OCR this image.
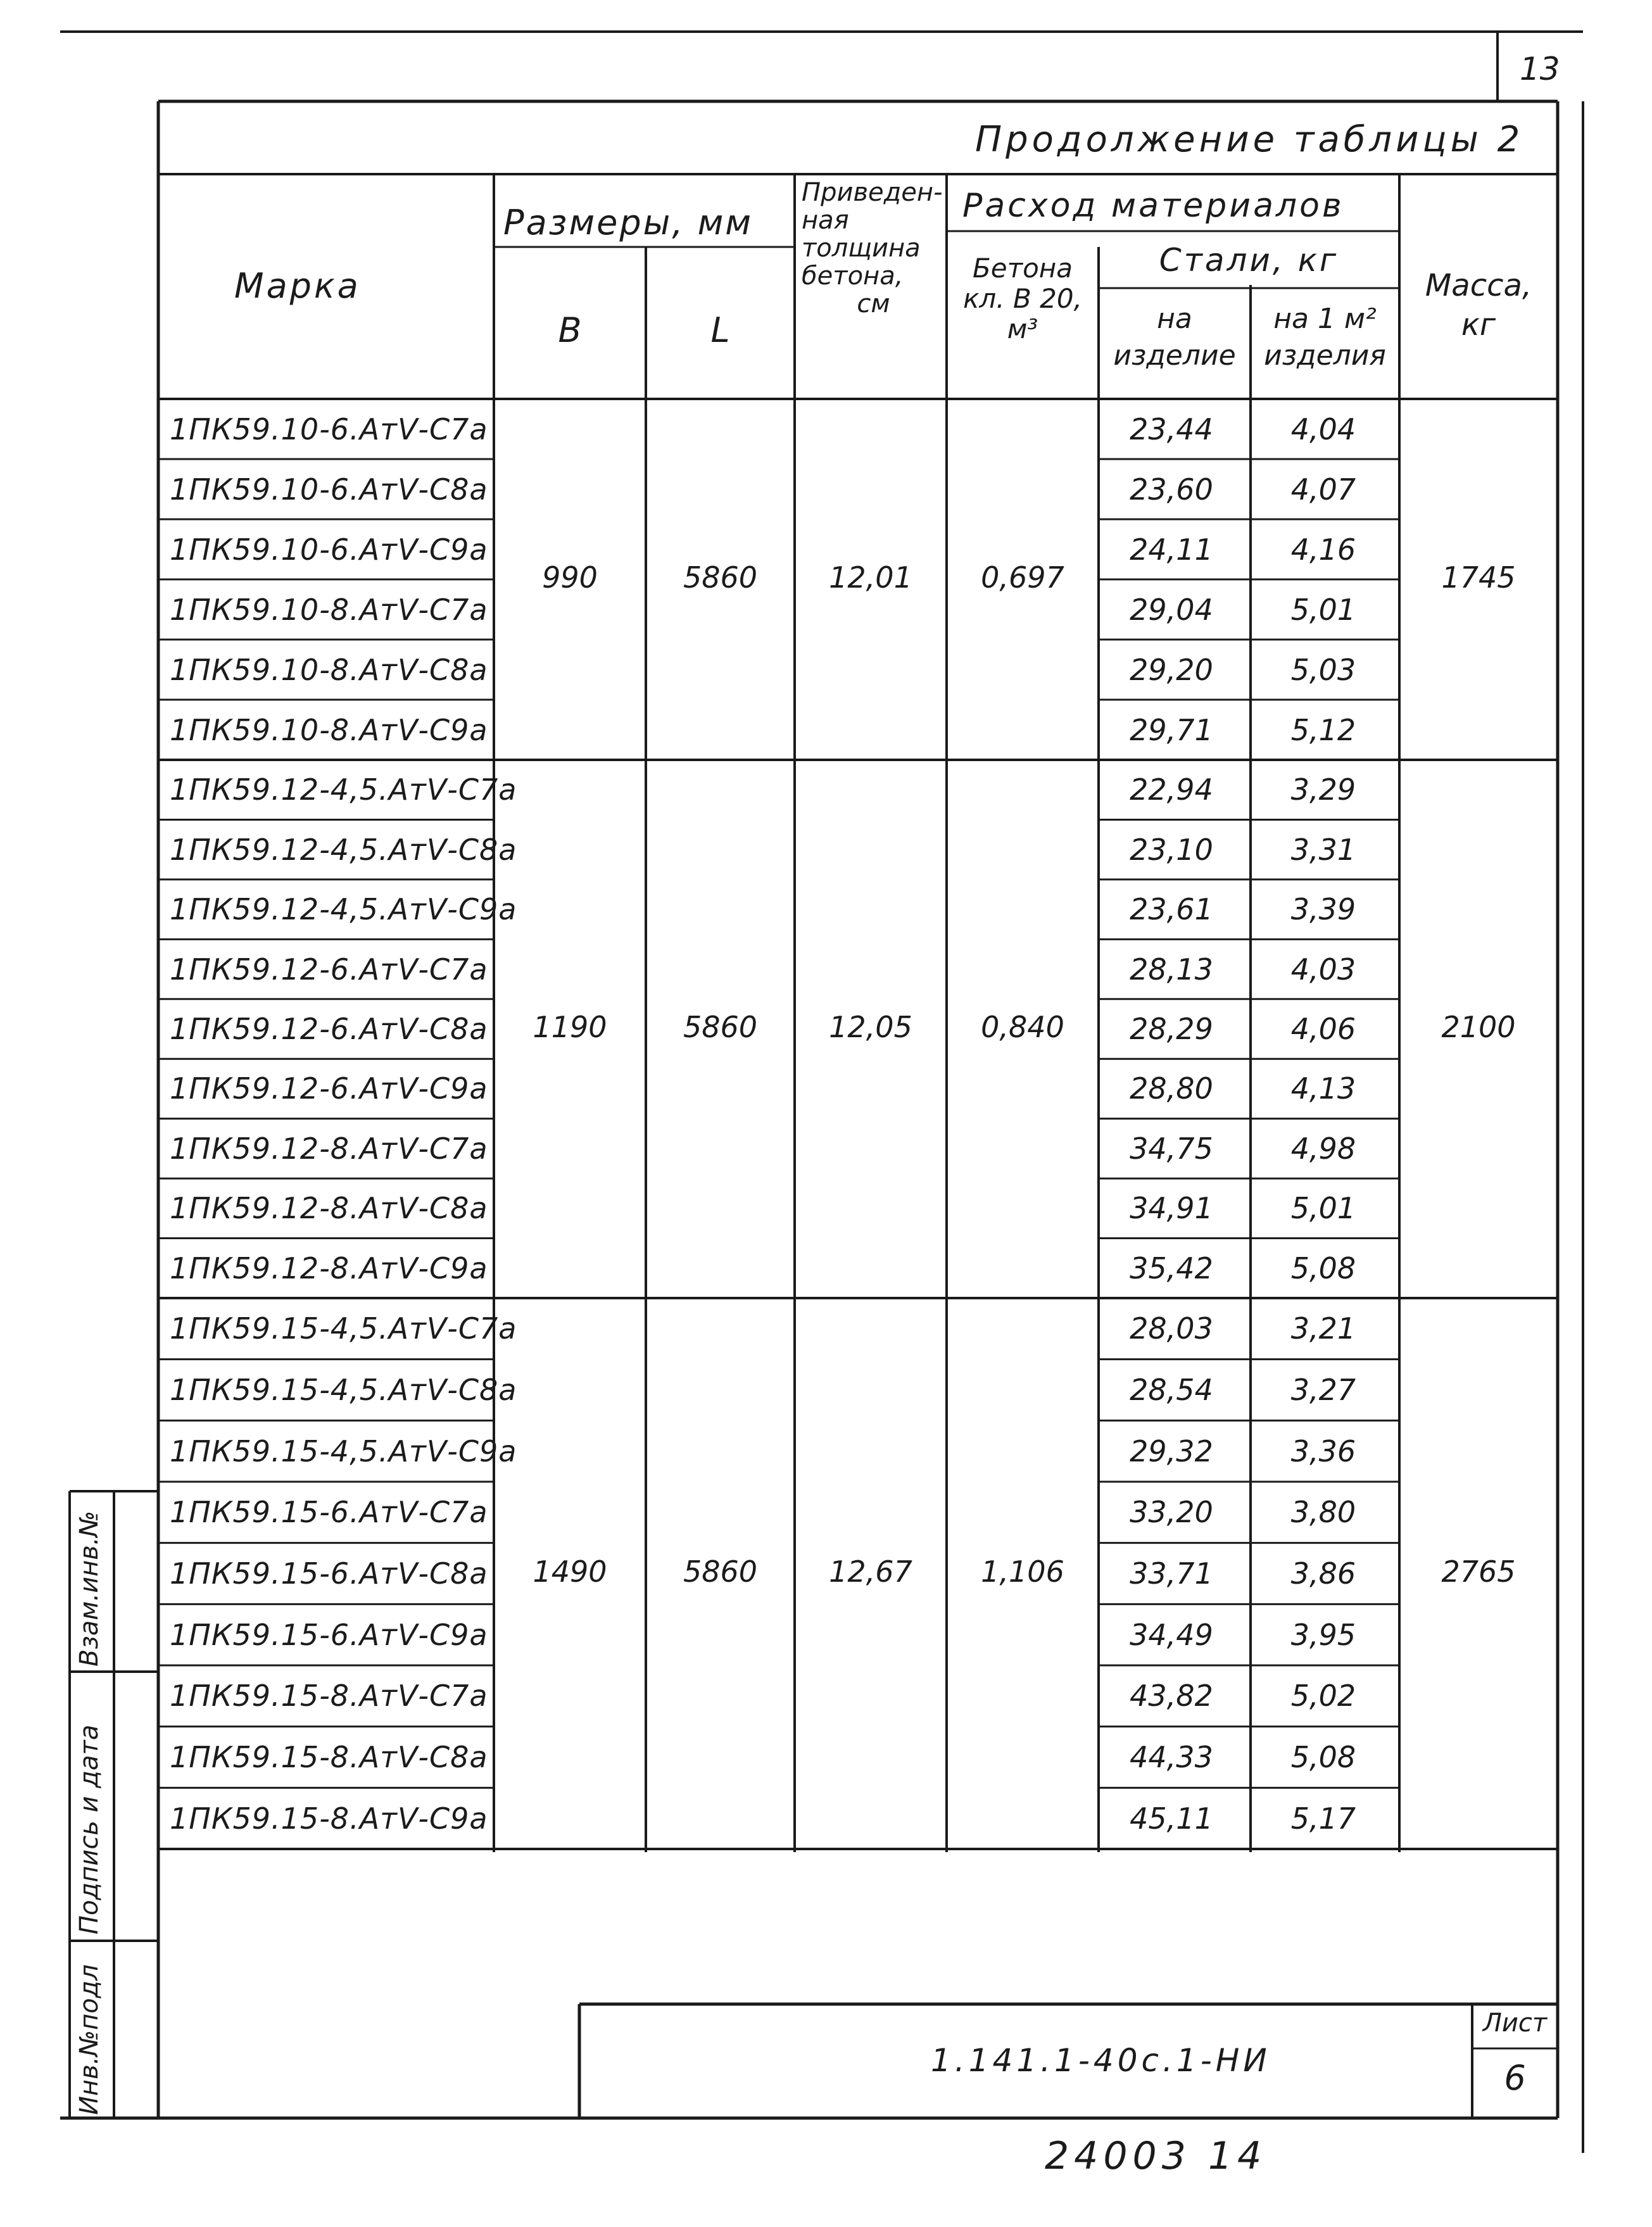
13
Продолжение таблицы 2
Марка
Размеры, мм
В	L
Приведен-
ная
толщина
бетона,
см
Расход материалов
Бетона
кл. В 20,
м³
Стали, кг
на
изделие
на 1 м²
изделия
Масса,
кг
1ПК59.10-6.АтⅤ-С7а	23,44	4,04
1ПК59.10-6.АтⅤ-С8а	23,60	4,07
1ПК59.10-6.АтⅤ-С9а	24,11	4,16
1ПК59.10-8.АтⅤ-С7а	29,04	5,01
1ПК59.10-8.АтⅤ-С8а	29,20	5,03
1ПК59.10-8.АтⅤ-С9а	29,71	5,12
990	5860	12,01	0,697	1745
1ПК59.12-4,5.АтⅤ-С7а	22,94	3,29
1ПК59.12-4,5.АтⅤ-С8а	23,10	3,31
1ПК59.12-4,5.АтⅤ-С9а	23,61	3,39
1ПК59.12-6.АтⅤ-С7а	28,13	4,03
1ПК59.12-6.АтⅤ-С8а	28,29	4,06
1ПК59.12-6.АтⅤ-С9а	28,80	4,13
1ПК59.12-8.АтⅤ-С7а	34,75	4,98
1ПК59.12-8.АтⅤ-С8а	34,91	5,01
1ПК59.12-8.АтⅤ-С9а	35,42	5,08
1190	5860	12,05	0,840	2100
1ПК59.15-4,5.АтⅤ-С7а	28,03	3,21
1ПК59.15-4,5.АтⅤ-С8а	28,54	3,27
1ПК59.15-4,5.АтⅤ-С9а	29,32	3,36
1ПК59.15-6.АтⅤ-С7а	33,20	3,80
1ПК59.15-6.АтⅤ-С8а	33,71	3,86
1ПК59.15-6.АтⅤ-С9а	34,49	3,95
1ПК59.15-8.АтⅤ-С7а	43,82	5,02
1ПК59.15-8.АтⅤ-С8а	44,33	5,08
1ПК59.15-8.АтⅤ-С9а	45,11	5,17
1490	5860	12,67	1,106	2765
1.141.1-40с.1-НИ
Лист
6
Взам.инв.№
Подпись и дата
Инв.№подл
24003 14
